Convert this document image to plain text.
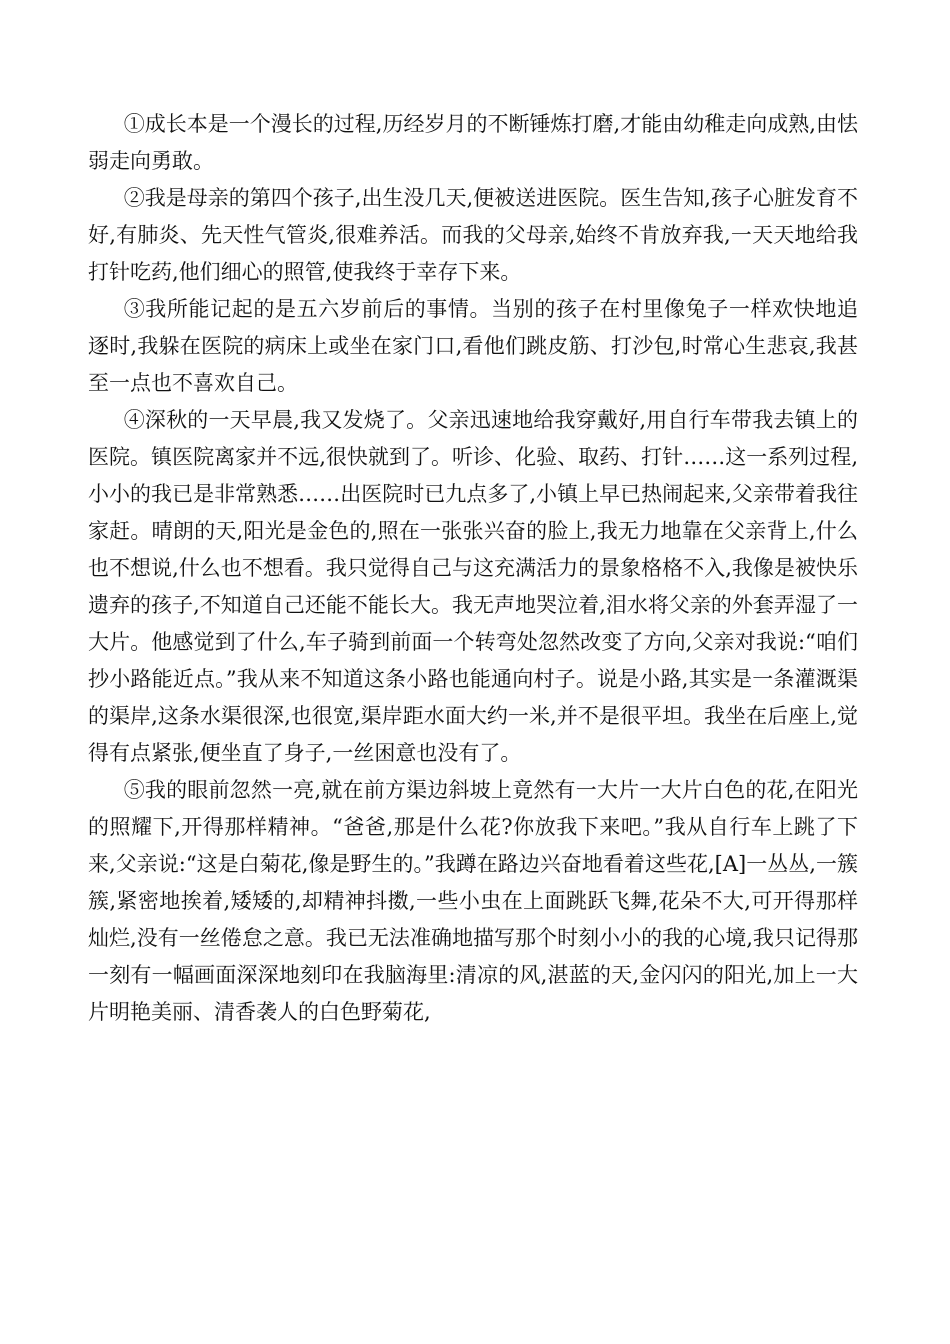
①成长本是一个漫长的过程,历经岁月的不断锤炼打磨,才能由幼稚走向成熟,由怯弱走向勇敢。

②我是母亲的第四个孩子,出生没几天,便被送进医院。医生告知,孩子心脏发育不好,有肺炎、先天性气管炎,很难养活。而我的父母亲,始终不肯放弃我,一天天地给我打针吃药,他们细心的照管,使我终于幸存下来。

③我所能记起的是五六岁前后的事情。当别的孩子在村里像兔子一样欢快地追逐时,我躲在医院的病床上或坐在家门口,看他们跳皮筋、打沙包,时常心生悲哀,我甚至一点也不喜欢自己。

④深秋的一天早晨,我又发烧了。父亲迅速地给我穿戴好,用自行车带我去镇上的医院。镇医院离家并不远,很快就到了。听诊、化验、取药、打针……这一系列过程,小小的我已是非常熟悉……出医院时已九点多了,小镇上早已热闹起来,父亲带着我往家赶。晴朗的天,阳光是金色的,照在一张张兴奋的脸上,我无力地靠在父亲背上,什么也不想说,什么也不想看。我只觉得自己与这充满活力的景象格格不入,我像是被快乐遗弃的孩子,不知道自己还能不能长大。我无声地哭泣着,泪水将父亲的外套弄湿了一大片。他感觉到了什么,车子骑到前面一个转弯处忽然改变了方向,父亲对我说:“咱们抄小路能近点。”我从来不知道这条小路也能通向村子。说是小路,其实是一条灌溉渠的渠岸,这条水渠很深,也很宽,渠岸距水面大约一米,并不是很平坦。我坐在后座上,觉得有点紧张,便坐直了身子,一丝困意也没有了。

⑤我的眼前忽然一亮,就在前方渠边斜坡上竟然有一大片一大片白色的花,在阳光的照耀下,开得那样精神。“爸爸,那是什么花?你放我下来吧。”我从自行车上跳了下来,父亲说:“这是白菊花,像是野生的。”我蹲在路边兴奋地看着这些花,[A]一丛丛,一簇簇,紧密地挨着,矮矮的,却精神抖擞,一些小虫在上面跳跃飞舞,花朵不大,可开得那样灿烂,没有一丝倦怠之意。我已无法准确地描写那个时刻小小的我的心境,我只记得那一刻有一幅画面深深地刻印在我脑海里:清凉的风,湛蓝的天,金闪闪的阳光,加上一大片明艳美丽、清香袭人的白色野菊花,
